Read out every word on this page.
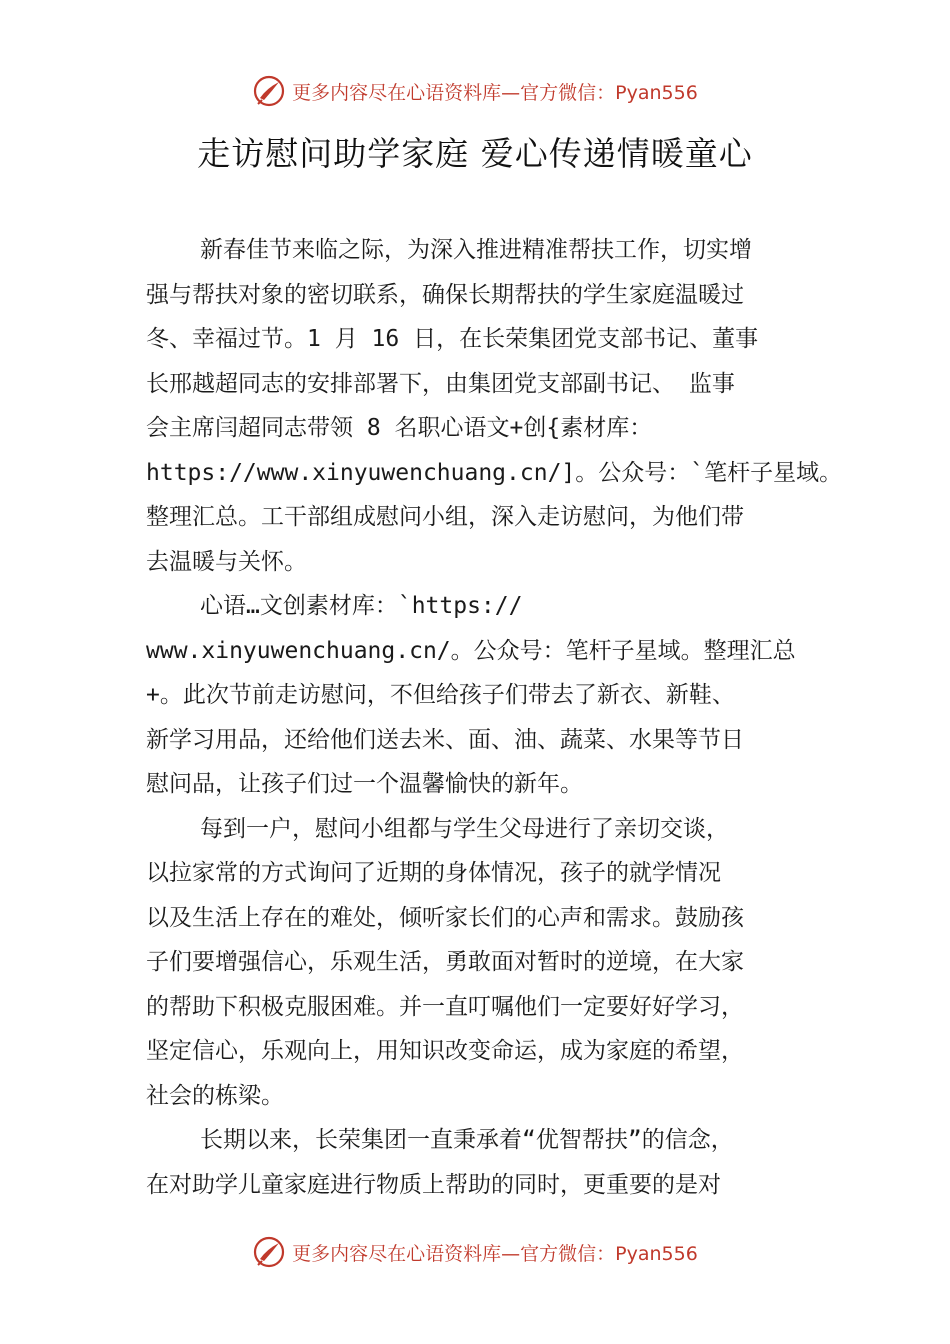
更多内容尽在心语资料库—官方微信：Pyan556
走访慰问助学家庭 爱心传递情暖童心
新春佳节来临之际，为深入推进精准帮扶工作，切实增
强与帮扶对象的密切联系，确保长期帮扶的学生家庭温暖过
冬、幸福过节。1 月 16 日，在长荣集团党支部书记、董事
长邢越超同志的安排部署下，由集团党支部副书记、 监事
会主席闫超同志带领 8 名职心语文+创{素材库：
https://www.xinyuwenchuang.cn/]。公众号：`笔杆子星域。
整理汇总。工干部组成慰问小组，深入走访慰问，为他们带
去温暖与关怀。
心语…文创素材库：`https://
www.xinyuwenchuang.cn/。公众号：笔杆子星域。整理汇总
+。此次节前走访慰问，不但给孩子们带去了新衣、新鞋、
新学习用品，还给他们送去米、面、油、蔬菜、水果等节日
慰问品，让孩子们过一个温馨愉快的新年。
每到一户，慰问小组都与学生父母进行了亲切交谈，
以拉家常的方式询问了近期的身体情况，孩子的就学情况
以及生活上存在的难处，倾听家长们的心声和需求。鼓励孩
子们要增强信心，乐观生活，勇敢面对暂时的逆境，在大家
的帮助下积极克服困难。并一直叮嘱他们一定要好好学习，
坚定信心，乐观向上，用知识改变命运，成为家庭的希望，
社会的栋梁。
长期以来，长荣集团一直秉承着“优智帮扶”的信念，
在对助学儿童家庭进行物质上帮助的同时，更重要的是对
更多内容尽在心语资料库—官方微信：Pyan556
